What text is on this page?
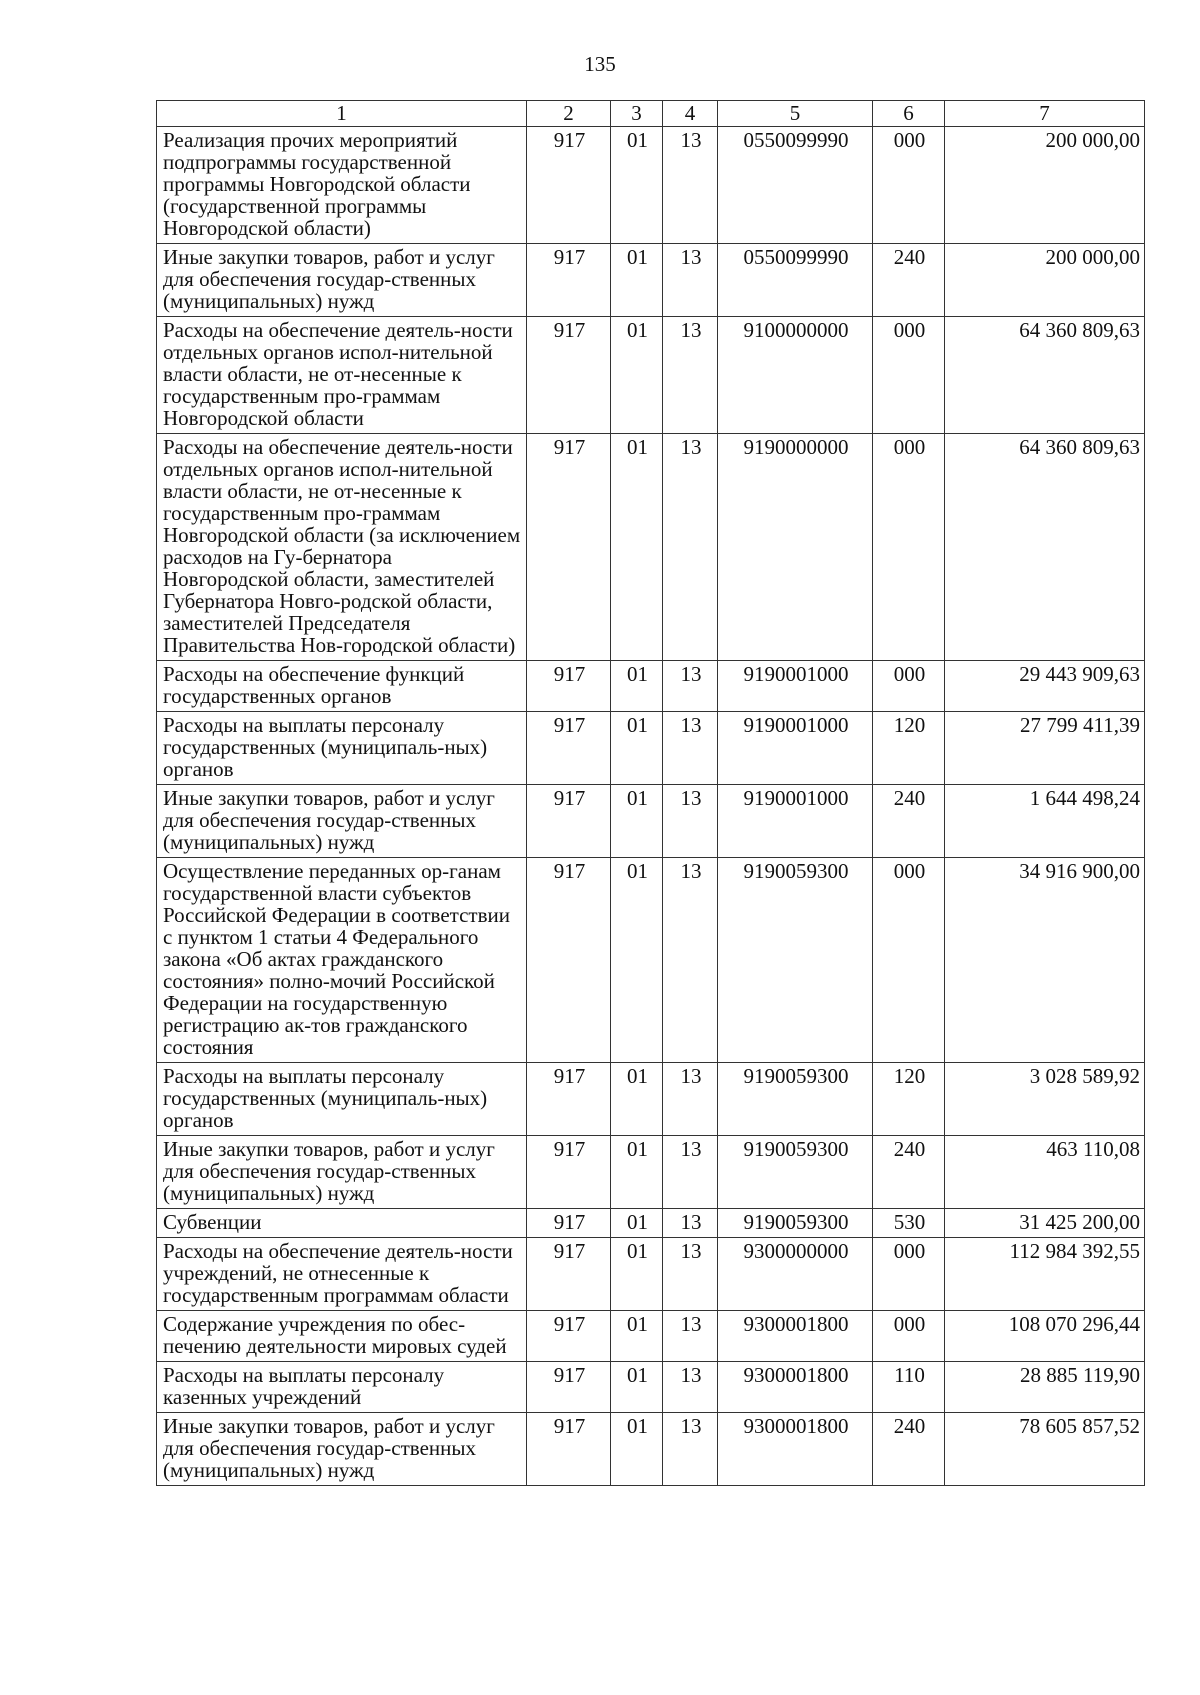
135
1	2	3	4	5	6	7
Реализация прочих мероприятий подпрограммы государственной программы Новгородской области (государственной программы Новгородской области)	917	01	13	0550099990	000	200 000,00
Иные закупки товаров, работ и услуг для обеспечения государ-ственных (муниципальных) нужд	917	01	13	0550099990	240	200 000,00
Расходы на обеспечение деятель-ности отдельных органов испол-нительной власти области, не от-несенные к государственным про-граммам Новгородской области	917	01	13	9100000000	000	64 360 809,63
Расходы на обеспечение деятель-ности отдельных органов испол-нительной власти области, не от-несенные к государственным про-граммам Новгородской области (за исключением расходов на Гу-бернатора Новгородской области, заместителей Губернатора Новго-родской области, заместителей Председателя Правительства Нов-городской области)	917	01	13	9190000000	000	64 360 809,63
Расходы на обеспечение функций государственных органов	917	01	13	9190001000	000	29 443 909,63
Расходы на выплаты персоналу государственных (муниципаль-ных) органов	917	01	13	9190001000	120	27 799 411,39
Иные закупки товаров, работ и услуг для обеспечения государ-ственных (муниципальных) нужд	917	01	13	9190001000	240	1 644 498,24
Осуществление переданных ор-ганам государственной власти субъектов Российской Федерации в соответствии с пунктом 1 статьи 4 Федерального закона «Об актах гражданского состояния» полно-мочий Российской Федерации на государственную регистрацию ак-тов гражданского состояния	917	01	13	9190059300	000	34 916 900,00
Расходы на выплаты персоналу государственных (муниципаль-ных) органов	917	01	13	9190059300	120	3 028 589,92
Иные закупки товаров, работ и услуг для обеспечения государ-ственных (муниципальных) нужд	917	01	13	9190059300	240	463 110,08
Субвенции	917	01	13	9190059300	530	31 425 200,00
Расходы на обеспечение деятель-ности учреждений, не отнесенные к государственным программам области	917	01	13	9300000000	000	112 984 392,55
Содержание учреждения по обес-печению деятельности мировых судей	917	01	13	9300001800	000	108 070 296,44
Расходы на выплаты персоналу казенных учреждений	917	01	13	9300001800	110	28 885 119,90
Иные закупки товаров, работ и услуг для обеспечения государ-ственных (муниципальных) нужд	917	01	13	9300001800	240	78 605 857,52
